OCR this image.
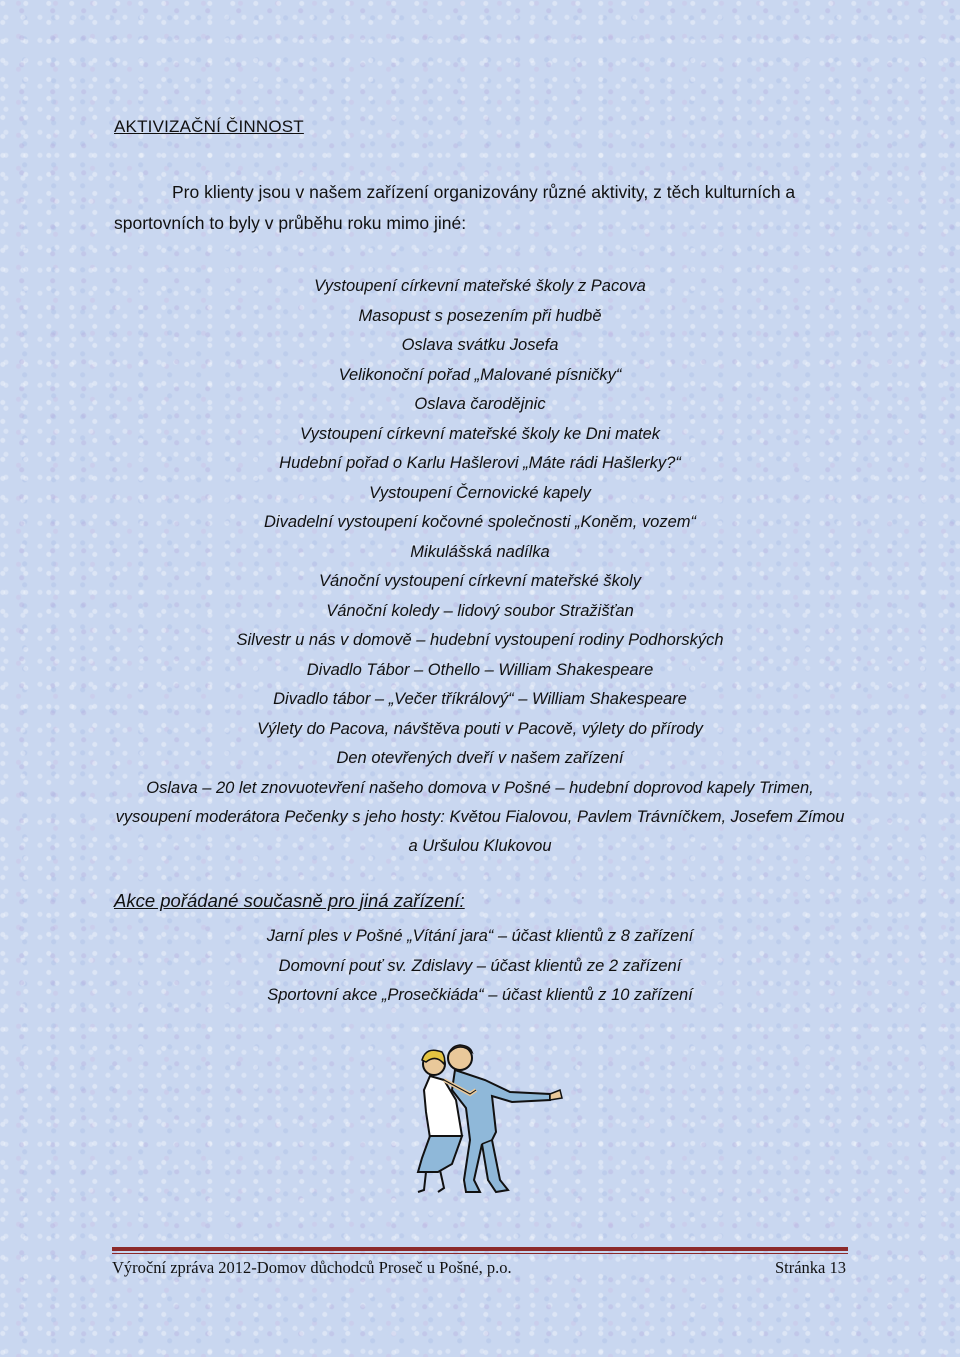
AKTIVIZAČNÍ ČINNOST

Pro klienty jsou v našem zařízení organizovány různé aktivity, z těch kulturních a sportovních to byly v průběhu roku mimo jiné:

Vystoupení církevní mateřské školy z Pacova
Masopust s posezením při hudbě
Oslava svátku Josefa
Velikonoční pořad „Malované písničky“
Oslava čarodějnic
Vystoupení církevní mateřské školy ke Dni matek
Hudební pořad o Karlu Hašlerovi „Máte rádi Hašlerky?“
Vystoupení Černovické kapely
Divadelní vystoupení kočovné společnosti „Koněm, vozem“
Mikulášská nadílka
Vánoční vystoupení církevní mateřské školy
Vánoční koledy – lidový soubor Stražišťan
Silvestr u nás v domově – hudební vystoupení rodiny Podhorských
Divadlo Tábor – Othello – William Shakespeare
Divadlo tábor – „Večer tříkrálový“ – William Shakespeare
Výlety do Pacova, návštěva pouti v Pacově, výlety do přírody
Den otevřených dveří v našem zařízení
Oslava – 20 let znovuotevření našeho domova v Pošné – hudební doprovod kapely Trimen, vysoupení moderátora Pečenky s jeho hosty: Květou Fialovou, Pavlem Trávníčkem, Josefem Zímou a Uršulou Klukovou
Akce pořádané současně pro jiná zařízení:
Jarní ples v Pošné „Vítání jara“ – účast klientů z 8 zařízení
Domovní pouť sv. Zdislavy – účast klientů ze 2 zařízení
Sportovní akce „Prosečkiáda“ – účast klientů z 10 zařízení
Výroční zpráva 2012-Domov důchodců Proseč u Pošné, p.o.	Stránka 13
